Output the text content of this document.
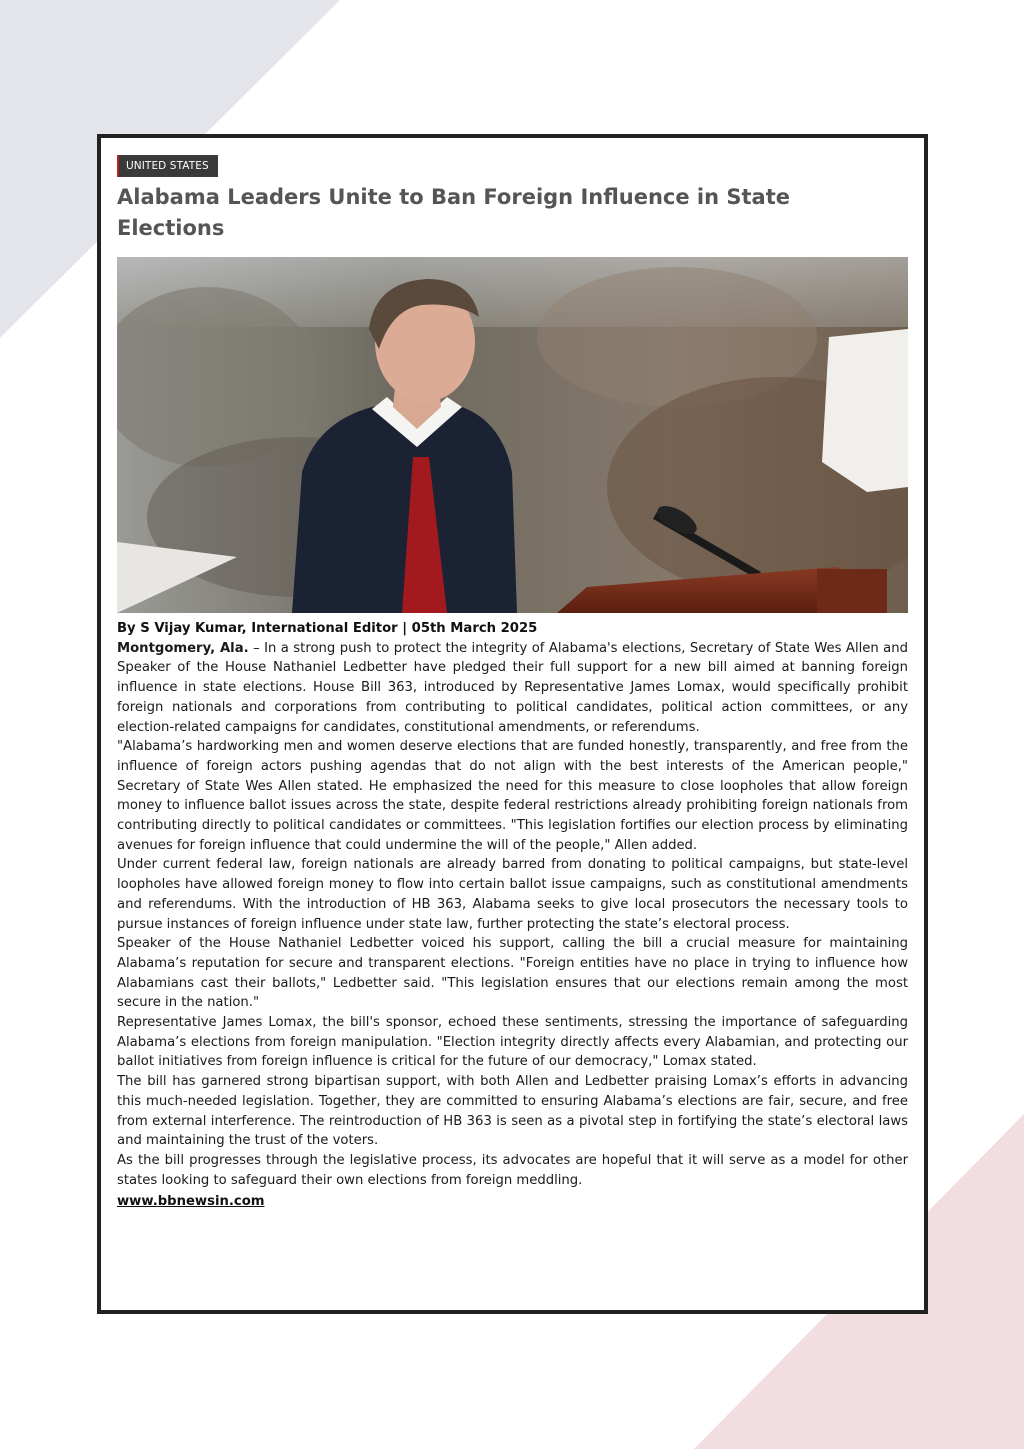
UNITED STATES
Alabama Leaders Unite to Ban Foreign Influence in State Elections

By S Vijay Kumar, International Editor | 05th March 2025

Montgomery, Ala. – In a strong push to protect the integrity of Alabama's elections, Secretary of State Wes Allen and Speaker of the House Nathaniel Ledbetter have pledged their full support for a new bill aimed at banning foreign influence in state elections. House Bill 363, introduced by Representative James Lomax, would specifically prohibit foreign nationals and corporations from contributing to political candidates, political action committees, or any election-related campaigns for candidates, constitutional amendments, or referendums.

"Alabama’s hardworking men and women deserve elections that are funded honestly, transparently, and free from the influence of foreign actors pushing agendas that do not align with the best interests of the American people," Secretary of State Wes Allen stated. He emphasized the need for this measure to close loopholes that allow foreign money to influence ballot issues across the state, despite federal restrictions already prohibiting foreign nationals from contributing directly to political candidates or committees. "This legislation fortifies our election process by eliminating avenues for foreign influence that could undermine the will of the people," Allen added.

Under current federal law, foreign nationals are already barred from donating to political campaigns, but state-level loopholes have allowed foreign money to flow into certain ballot issue campaigns, such as constitutional amendments and referendums. With the introduction of HB 363, Alabama seeks to give local prosecutors the necessary tools to pursue instances of foreign influence under state law, further protecting the state’s electoral process.

Speaker of the House Nathaniel Ledbetter voiced his support, calling the bill a crucial measure for maintaining Alabama’s reputation for secure and transparent elections. "Foreign entities have no place in trying to influence how Alabamians cast their ballots," Ledbetter said. "This legislation ensures that our elections remain among the most secure in the nation."

Representative James Lomax, the bill's sponsor, echoed these sentiments, stressing the importance of safeguarding Alabama’s elections from foreign manipulation. "Election integrity directly affects every Alabamian, and protecting our ballot initiatives from foreign influence is critical for the future of our democracy," Lomax stated.

The bill has garnered strong bipartisan support, with both Allen and Ledbetter praising Lomax’s efforts in advancing this much-needed legislation. Together, they are committed to ensuring Alabama’s elections are fair, secure, and free from external interference. The reintroduction of HB 363 is seen as a pivotal step in fortifying the state’s electoral laws and maintaining the trust of the voters.

As the bill progresses through the legislative process, its advocates are hopeful that it will serve as a model for other states looking to safeguard their own elections from foreign meddling.

www.bbnewsin.com
